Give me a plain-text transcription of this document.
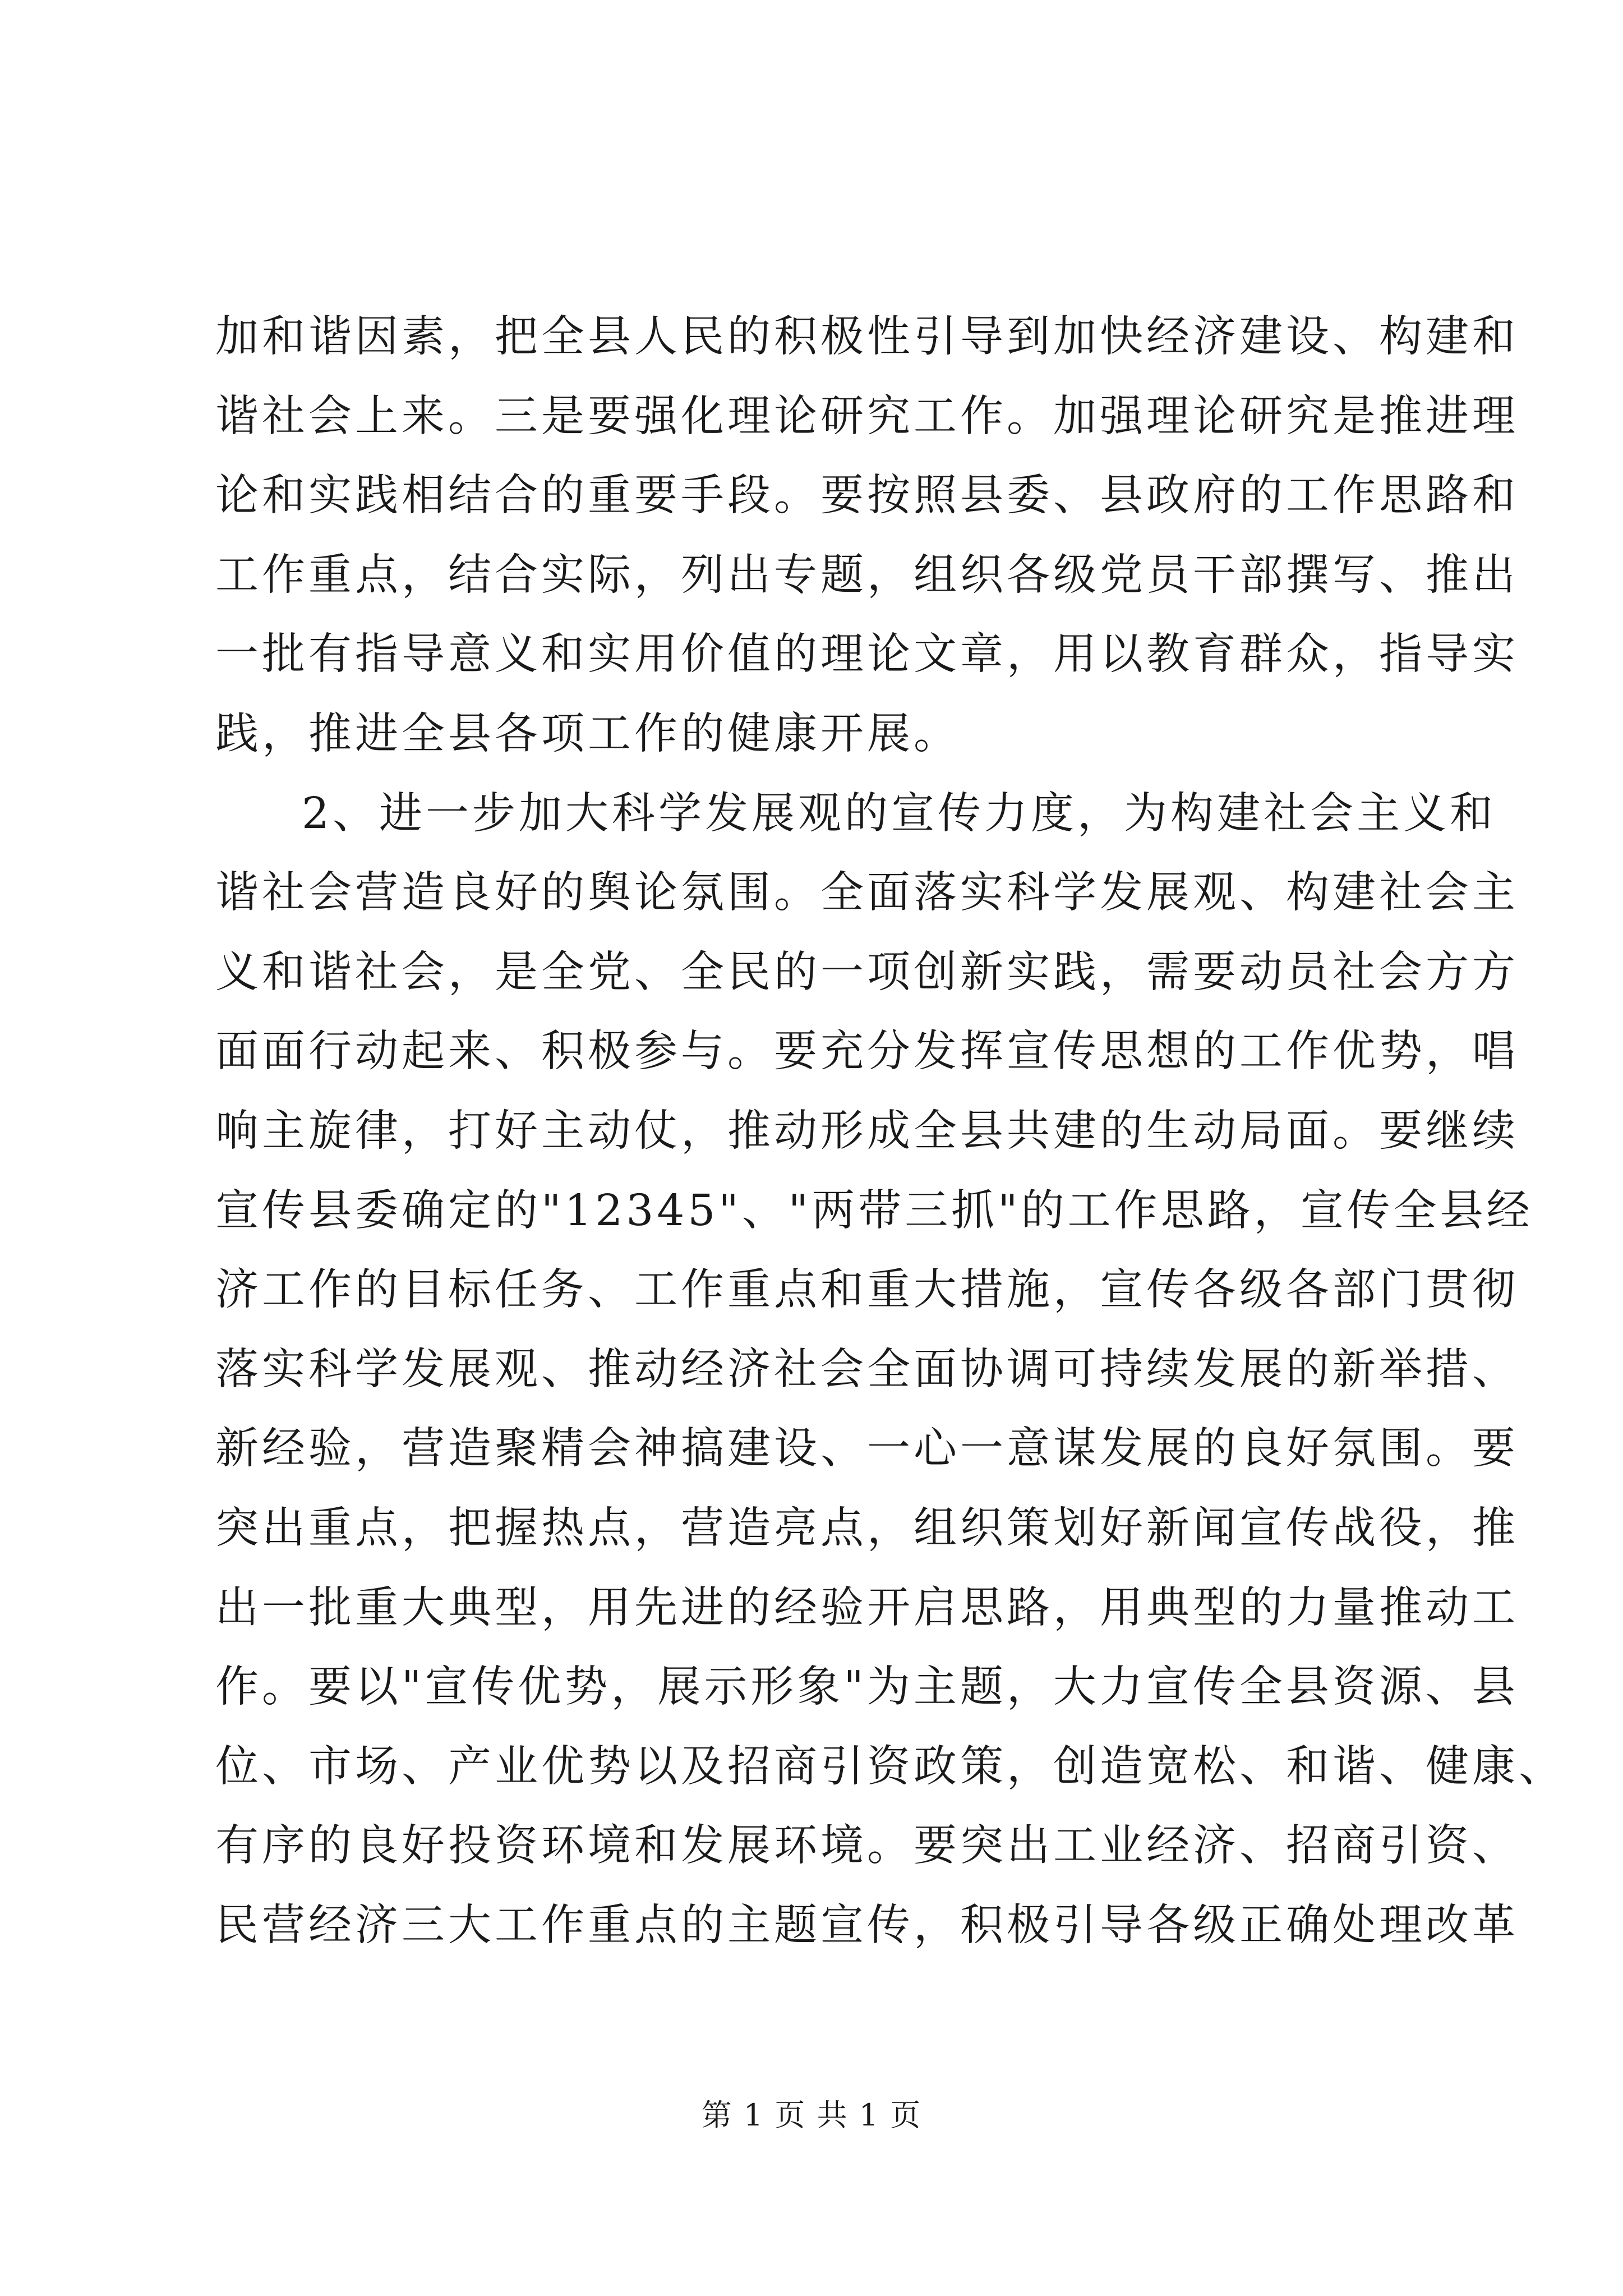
加和谐因素，把全县人民的积极性引导到加快经济建设、构建和
谐社会上来。三是要强化理论研究工作。加强理论研究是推进理
论和实践相结合的重要手段。要按照县委、县政府的工作思路和
工作重点，结合实际，列出专题，组织各级党员干部撰写、推出
一批有指导意义和实用价值的理论文章，用以教育群众，指导实
践，推进全县各项工作的健康开展。
2、进一步加大科学发展观的宣传力度，为构建社会主义和
谐社会营造良好的舆论氛围。全面落实科学发展观、构建社会主
义和谐社会，是全党、全民的一项创新实践，需要动员社会方方
面面行动起来、积极参与。要充分发挥宣传思想的工作优势，唱
响主旋律，打好主动仗，推动形成全县共建的生动局面。要继续
宣传县委确定的"12345"、"两带三抓"的工作思路，宣传全县经
济工作的目标任务、工作重点和重大措施，宣传各级各部门贯彻
落实科学发展观、推动经济社会全面协调可持续发展的新举措、
新经验，营造聚精会神搞建设、一心一意谋发展的良好氛围。要
突出重点，把握热点，营造亮点，组织策划好新闻宣传战役，推
出一批重大典型，用先进的经验开启思路，用典型的力量推动工
作。要以"宣传优势，展示形象"为主题，大力宣传全县资源、县
位、市场、产业优势以及招商引资政策，创造宽松、和谐、健康、
有序的良好投资环境和发展环境。要突出工业经济、招商引资、
民营经济三大工作重点的主题宣传，积极引导各级正确处理改革
第 1 页 共 1 页
